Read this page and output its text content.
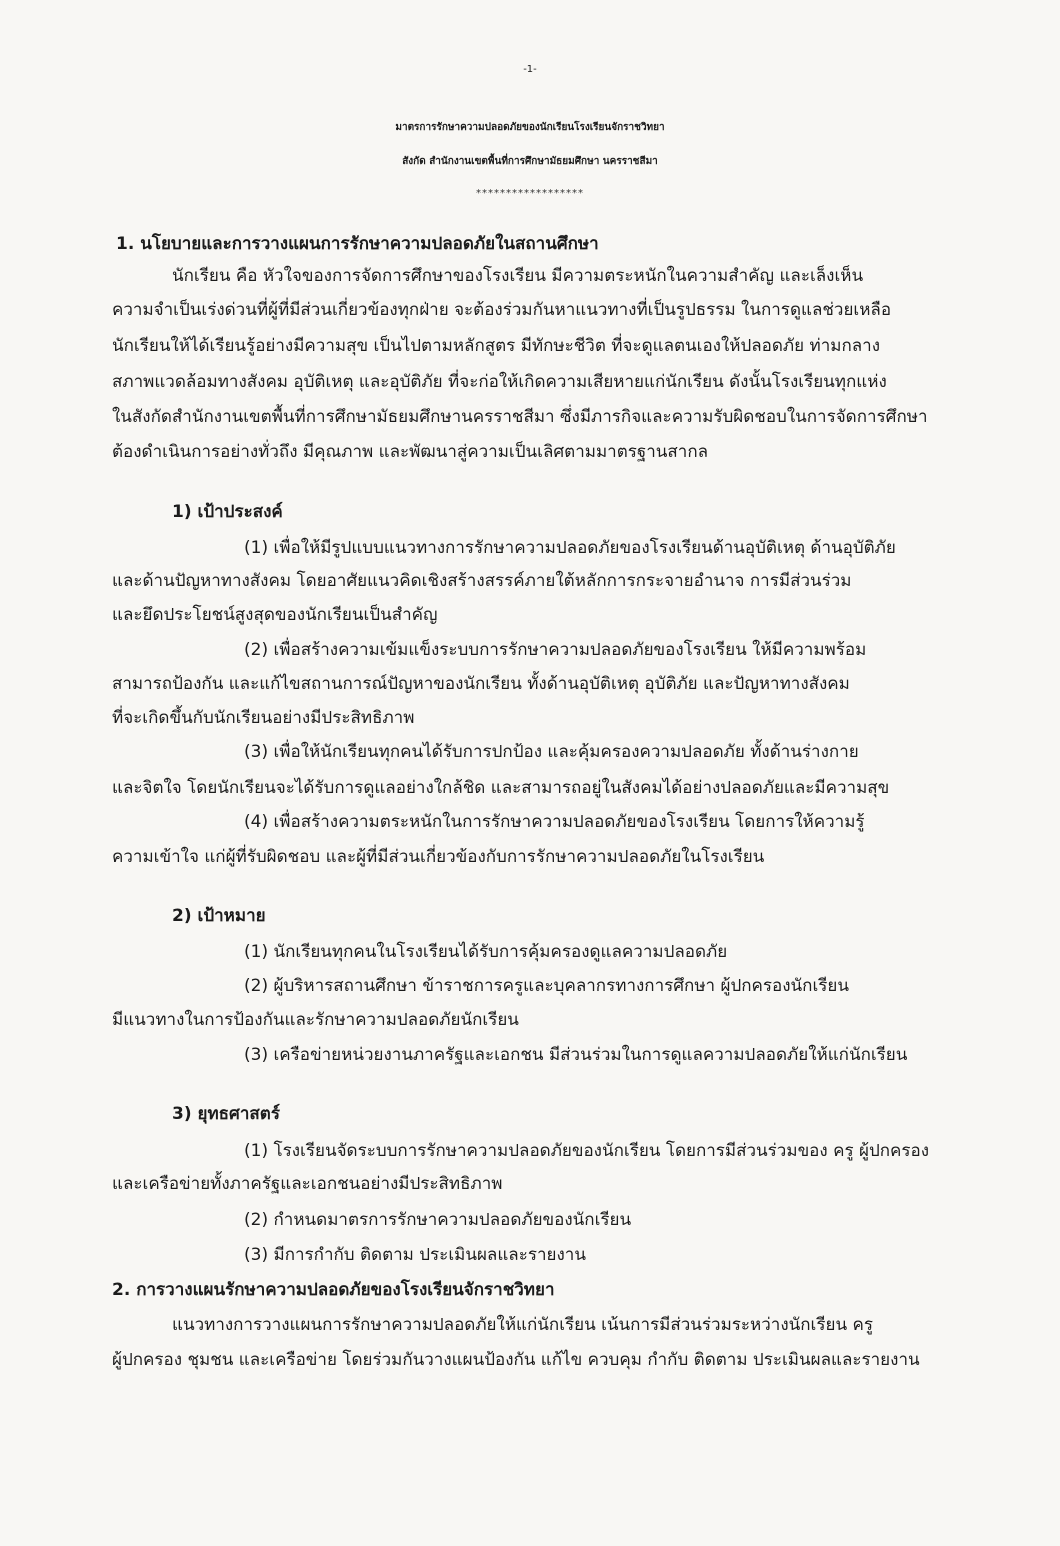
-1-
มาตรการรักษาความปลอดภัยของนักเรียนโรงเรียนจักราชวิทยา
สังกัด สำนักงานเขตพื้นที่การศึกษามัธยมศึกษา นครราชสีมา
******************
1. นโยบายและการวางแผนการรักษาความปลอดภัยในสถานศึกษา
นักเรียน คือ หัวใจของการจัดการศึกษาของโรงเรียน มีความตระหนักในความสำคัญ และเล็งเห็น
ความจำเป็นเร่งด่วนที่ผู้ที่มีส่วนเกี่ยวข้องทุกฝ่าย จะต้องร่วมกันหาแนวทางที่เป็นรูปธรรม ในการดูแลช่วยเหลือ
นักเรียนให้ได้เรียนรู้อย่างมีความสุข เป็นไปตามหลักสูตร มีทักษะชีวิต ที่จะดูแลตนเองให้ปลอดภัย ท่ามกลาง
สภาพแวดล้อมทางสังคม อุบัติเหตุ และอุบัติภัย ที่จะก่อให้เกิดความเสียหายแก่นักเรียน ดังนั้นโรงเรียนทุกแห่ง
ในสังกัดสำนักงานเขตพื้นที่การศึกษามัธยมศึกษานครราชสีมา ซึ่งมีภารกิจและความรับผิดชอบในการจัดการศึกษา
ต้องดำเนินการอย่างทั่วถึง มีคุณภาพ และพัฒนาสู่ความเป็นเลิศตามมาตรฐานสากล
1) เป้าประสงค์
(1) เพื่อให้มีรูปแบบแนวทางการรักษาความปลอดภัยของโรงเรียนด้านอุบัติเหตุ ด้านอุบัติภัย
และด้านปัญหาทางสังคม โดยอาศัยแนวคิดเชิงสร้างสรรค์ภายใต้หลักการกระจายอำนาจ การมีส่วนร่วม
และยึดประโยชน์สูงสุดของนักเรียนเป็นสำคัญ
(2) เพื่อสร้างความเข้มแข็งระบบการรักษาความปลอดภัยของโรงเรียน ให้มีความพร้อม
สามารถป้องกัน และแก้ไขสถานการณ์ปัญหาของนักเรียน ทั้งด้านอุบัติเหตุ อุบัติภัย และปัญหาทางสังคม
ที่จะเกิดขึ้นกับนักเรียนอย่างมีประสิทธิภาพ
(3) เพื่อให้นักเรียนทุกคนได้รับการปกป้อง และคุ้มครองความปลอดภัย ทั้งด้านร่างกาย
และจิตใจ โดยนักเรียนจะได้รับการดูแลอย่างใกล้ชิด และสามารถอยู่ในสังคมได้อย่างปลอดภัยและมีความสุข
(4) เพื่อสร้างความตระหนักในการรักษาความปลอดภัยของโรงเรียน โดยการให้ความรู้
ความเข้าใจ แก่ผู้ที่รับผิดชอบ และผู้ที่มีส่วนเกี่ยวข้องกับการรักษาความปลอดภัยในโรงเรียน
2) เป้าหมาย
(1) นักเรียนทุกคนในโรงเรียนได้รับการคุ้มครองดูแลความปลอดภัย
(2) ผู้บริหารสถานศึกษา ข้าราชการครูและบุคลากรทางการศึกษา ผู้ปกครองนักเรียน
มีแนวทางในการป้องกันและรักษาความปลอดภัยนักเรียน
(3) เครือข่ายหน่วยงานภาครัฐและเอกชน มีส่วนร่วมในการดูแลความปลอดภัยให้แก่นักเรียน
3) ยุทธศาสตร์
(1) โรงเรียนจัดระบบการรักษาความปลอดภัยของนักเรียน โดยการมีส่วนร่วมของ ครู ผู้ปกครอง
และเครือข่ายทั้งภาครัฐและเอกชนอย่างมีประสิทธิภาพ
(2) กำหนดมาตรการรักษาความปลอดภัยของนักเรียน
(3) มีการกำกับ ติดตาม ประเมินผลและรายงาน
2. การวางแผนรักษาความปลอดภัยของโรงเรียนจักราชวิทยา
แนวทางการวางแผนการรักษาความปลอดภัยให้แก่นักเรียน เน้นการมีส่วนร่วมระหว่างนักเรียน ครู
ผู้ปกครอง ชุมชน และเครือข่าย โดยร่วมกันวางแผนป้องกัน แก้ไข ควบคุม กำกับ ติดตาม ประเมินผลและรายงาน
